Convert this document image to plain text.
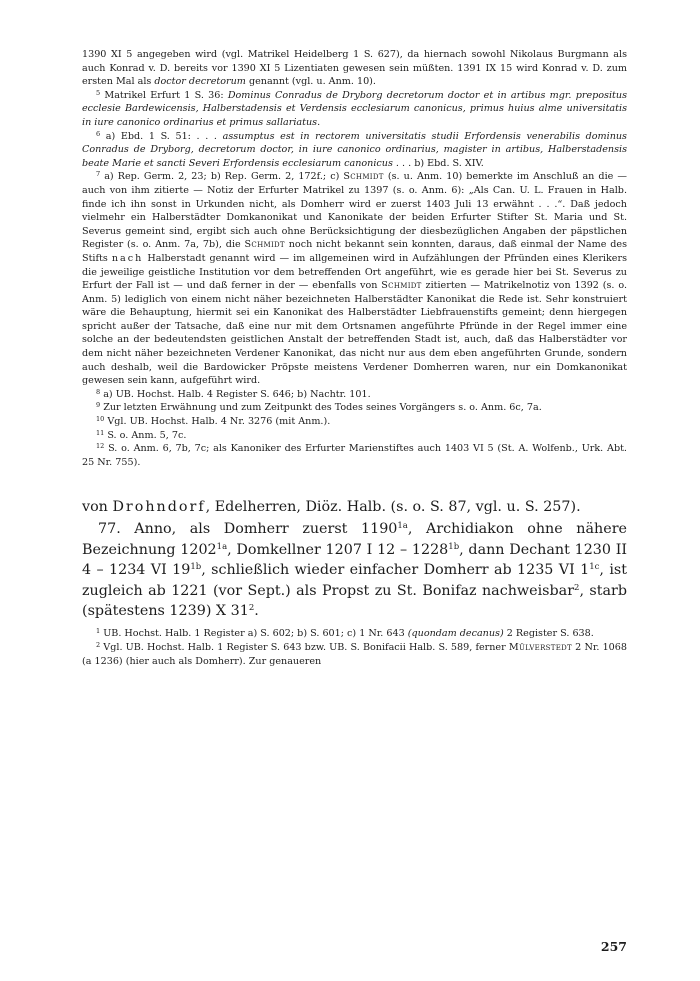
1390 XI 5 angegeben wird (vgl. Matrikel Heidelberg 1 S. 627), da hiernach sowohl Nikolaus Burgmann als auch Konrad v. D. bereits vor 1390 XI 5 Lizentiaten gewesen sein müßten. 1391 IX 15 wird Konrad v. D. zum ersten Mal als doctor decretorum genannt (vgl. u. Anm. 10).

$^5$ Matrikel Erfurt 1 S. 36: Dominus Conradus de Dryborg decretorum doctor et in artibus mgr. prepositus ecclesie Bardewicensis, Halberstadensis et Verdensis ecclesiarum canonicus, primus huius alme universitatis in iure canonico ordinarius et primus sallariatus.

$^6$ a) Ebd. 1 S. 51: . . . assumptus est in rectorem universitatis studii Erfordensis venerabilis dominus Conradus de Dryborg, decretorum doctor, in iure canonico ordinarius, magister in artibus, Halberstadensis beate Marie et sancti Severi Erfordensis ecclesiarum canonicus . . . b) Ebd. S. XIV.

$^7$ a) Rep. Germ. 2, 23; b) Rep. Germ. 2, 172f.; c) Schmidt (s. u. Anm. 10) bemerkte im Anschluß an die — auch von ihm zitierte — Notiz der Erfurter Matrikel zu 1397 (s. o. Anm. 6): „Als Can. U. L. Frauen in Halb. finde ich ihn sonst in Urkunden nicht, als Domherr wird er zuerst 1403 Juli 13 erwähnt . . .“. Daß jedoch vielmehr ein Halberstädter Domkanonikat und Kanonikate der beiden Erfurter Stifter St. Maria und St. Severus gemeint sind, ergibt sich auch ohne Berücksichtigung der diesbezüglichen Angaben der päpstlichen Register (s. o. Anm. 7a, 7b), die Schmidt noch nicht bekannt sein konnten, daraus, daß einmal der Name des Stifts nach Halberstadt genannt wird — im allgemeinen wird in Aufzählungen der Pfründen eines Klerikers die jeweilige geistliche Institution vor dem betreffenden Ort angeführt, wie es gerade hier bei St. Severus zu Erfurt der Fall ist — und daß ferner in der — ebenfalls von Schmidt zitierten — Matrikelnotiz von 1392 (s. o. Anm. 5) lediglich von einem nicht näher bezeichneten Halberstädter Kanonikat die Rede ist. Sehr konstruiert wäre die Behauptung, hiermit sei ein Kanonikat des Halberstädter Liebfrauenstifts gemeint; denn hiergegen spricht außer der Tatsache, daß eine nur mit dem Ortsnamen angeführte Pfründe in der Regel immer eine solche an der bedeutendsten geistlichen Anstalt der betreffenden Stadt ist, auch, daß das Halberstädter vor dem nicht näher bezeichneten Verdener Kanonikat, das nicht nur aus dem eben angeführten Grunde, sondern auch deshalb, weil die Bardowicker Pröpste meistens Verdener Domherren waren, nur ein Domkanonikat gewesen sein kann, aufgeführt wird.

$^8$ a) UB. Hochst. Halb. 4 Register S. 646; b) Nachtr. 101.

$^9$ Zur letzten Erwähnung und zum Zeitpunkt des Todes seines Vorgängers s. o. Anm. 6c, 7a.

$^{10}$ Vgl. UB. Hochst. Halb. 4 Nr. 3276 (mit Anm.).

$^{11}$ S. o. Anm. 5, 7c.

$^{12}$ S. o. Anm. 6, 7b, 7c; als Kanoniker des Erfurter Marienstiftes auch 1403 VI 5 (St. A. Wolfenb., Urk. Abt. 25 Nr. 755).

von Drohndorf, Edelherren, Diöz. Halb. (s. o. S. 87, vgl. u. S. 257).

77. Anno, als Domherr zuerst $1190^{1a}$, Archidiakon ohne nähere Bezeichnung $1202^{1a}$, Domkellner 1207 I $12 - 1228^{1b}$, dann Dechant 1230 II 4 – 1234 VI $19^{1b}$, schließlich wieder einfacher Domherr ab 1235 VI $1^{1c}$, ist zugleich ab 1221 (vor Sept.) als Propst zu St. Bonifaz nachweisbar$^2$, starb (spätestens 1239) X $31^2$.

$^1$ UB. Hochst. Halb. 1 Register a) S. 602; b) S. 601; c) 1 Nr. 643 (quondam decanus) 2 Register S. 638.

$^2$ Vgl. UB. Hochst. Halb. 1 Register S. 643 bzw. UB. S. Bonifacii Halb. S. 589, ferner Mülverstedt 2 Nr. 1068 (a 1236) (hier auch als Domherr). Zur genaueren

257
